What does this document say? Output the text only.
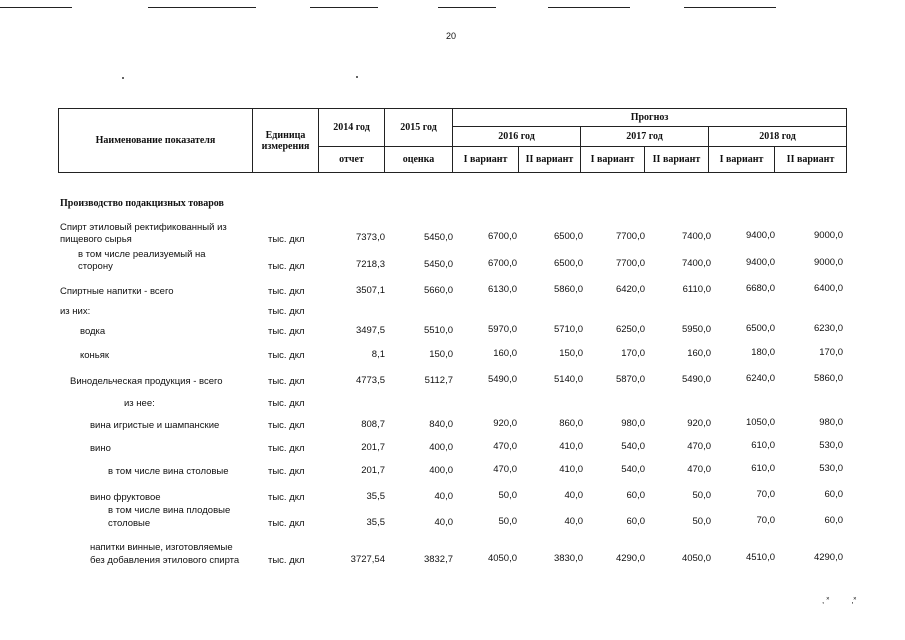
20
Наименование показателя	Единица измерения	2014 год	2015 год	Прогноз					
				2016 год		2017 год		2018 год	
		отчет	оценка	I вариант	II вариант	I вариант	II вариант	I вариант	II вариант
Производство подакцизных товаров
Спирт этиловый ректификованный из
пищевого сырья	тыс. дкл	7373,0	5450,0	6700,0	6500,0	7700,0	7400,0	9400,0	9000,0
в том числе реализуемый на
сторону	тыс. дкл	7218,3	5450,0	6700,0	6500,0	7700,0	7400,0	9400,0	9000,0
Спиртные напитки - всего	тыс. дкл	3507,1	5660,0	6130,0	5860,0	6420,0	6110,0	6680,0	6400,0
из них:	тыс. дкл
водка	тыс. дкл	3497,5	5510,0	5970,0	5710,0	6250,0	5950,0	6500,0	6230,0
коньяк	тыс. дкл	8,1	150,0	160,0	150,0	170,0	160,0	180,0	170,0
Винодельческая продукция - всего	тыс. дкл	4773,5	5112,7	5490,0	5140,0	5870,0	5490,0	6240,0	5860,0
из нее:	тыс. дкл
вина игристые и шампанские	тыс. дкл	808,7	840,0	920,0	860,0	980,0	920,0	1050,0	980,0
вино	тыс. дкл	201,7	400,0	470,0	410,0	540,0	470,0	610,0	530,0
в том числе вина столовые	тыс. дкл	201,7	400,0	470,0	410,0	540,0	470,0	610,0	530,0
вино фруктовое	тыс. дкл	35,5	40,0	50,0	40,0	60,0	50,0	70,0	60,0
в том числе вина плодовые
столовые	тыс. дкл	35,5	40,0	50,0	40,0	60,0	50,0	70,0	60,0
напитки винные, изготовляемые
без добавления этилового спирта	тыс. дкл	3727,54	3832,7	4050,0	3830,0	4290,0	4050,0	4510,0	4290,0
, ˟          ,˟
